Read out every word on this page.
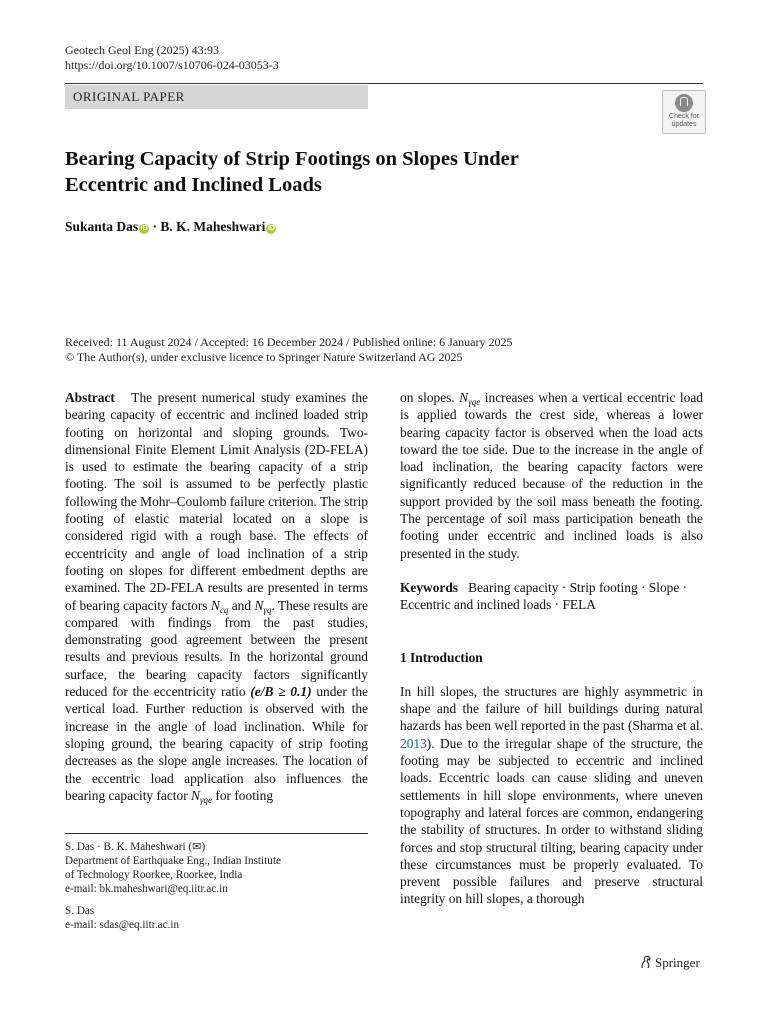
Geotech Geol Eng (2025) 43:93
https://doi.org/10.1007/s10706-024-03053-3
ORIGINAL PAPER
Check for
updates
Bearing Capacity of Strip Footings on Slopes Under
Eccentric and Inclined Loads
Sukanta Das iD · B. K. Maheshwari iD
Received: 11 August 2024 / Accepted: 16 December 2024 / Published online: 6 January 2025
© The Author(s), under exclusive licence to Springer Nature Switzerland AG 2025

Abstract The present numerical study examines the bearing capacity of eccentric and inclined loaded strip footing on horizontal and sloping grounds. Two-dimensional Finite Element Limit Analysis (2D-FELA) is used to estimate the bearing capacity of a strip footing. The soil is assumed to be perfectly plastic following the Mohr–Coulomb failure criterion. The strip footing of elastic material located on a slope is considered rigid with a rough base. The effects of eccentricity and angle of load inclination of a strip footing on slopes for different embedment depths are examined. The 2D-FELA results are presented in terms of bearing capacity factors $N_{cq}$ and $N_{\gamma q}$. These results are compared with findings from the past studies, demonstrating good agreement between the present results and previous results. In the horizontal ground surface, the bearing capacity factors significantly reduced for the eccentricity ratio (e/B ≥ 0.1) under the vertical load. Further reduction is observed with the increase in the angle of load inclination. While for sloping ground, the bearing capacity of strip footing decreases as the slope angle increases. The location of the eccentric load application also influences the bearing capacity factor $N_{\gamma qe}$ for footing

on slopes. $N_{\gamma qe}$ increases when a vertical eccentric load is applied towards the crest side, whereas a lower bearing capacity factor is observed when the load acts toward the toe side. Due to the increase in the angle of load inclination, the bearing capacity factors were significantly reduced because of the reduction in the support provided by the soil mass beneath the footing. The percentage of soil mass participation beneath the footing under eccentric and inclined loads is also presented in the study.

Keywords Bearing capacity · Strip footing · Slope · Eccentric and inclined loads · FELA

1 Introduction

In hill slopes, the structures are highly asymmetric in shape and the failure of hill buildings during natural hazards has been well reported in the past (Sharma et al. 2013). Due to the irregular shape of the structure, the footing may be subjected to eccentric and inclined loads. Eccentric loads can cause sliding and uneven settlements in hill slope environments, where uneven topography and lateral forces are common, endangering the stability of structures. In order to withstand sliding forces and stop structural tilting, bearing capacity under these circumstances must be properly evaluated. To prevent possible failures and preserve structural integrity on hill slopes, a thorough

S. Das · B. K. Maheshwari (✉)

Department of Earthquake Eng., Indian Institute

of Technology Roorkee, Roorkee, India

e-mail: bk.maheshwari@eq.iitr.ac.in

S. Das

e-mail: sdas@eq.iitr.ac.in

Springer
